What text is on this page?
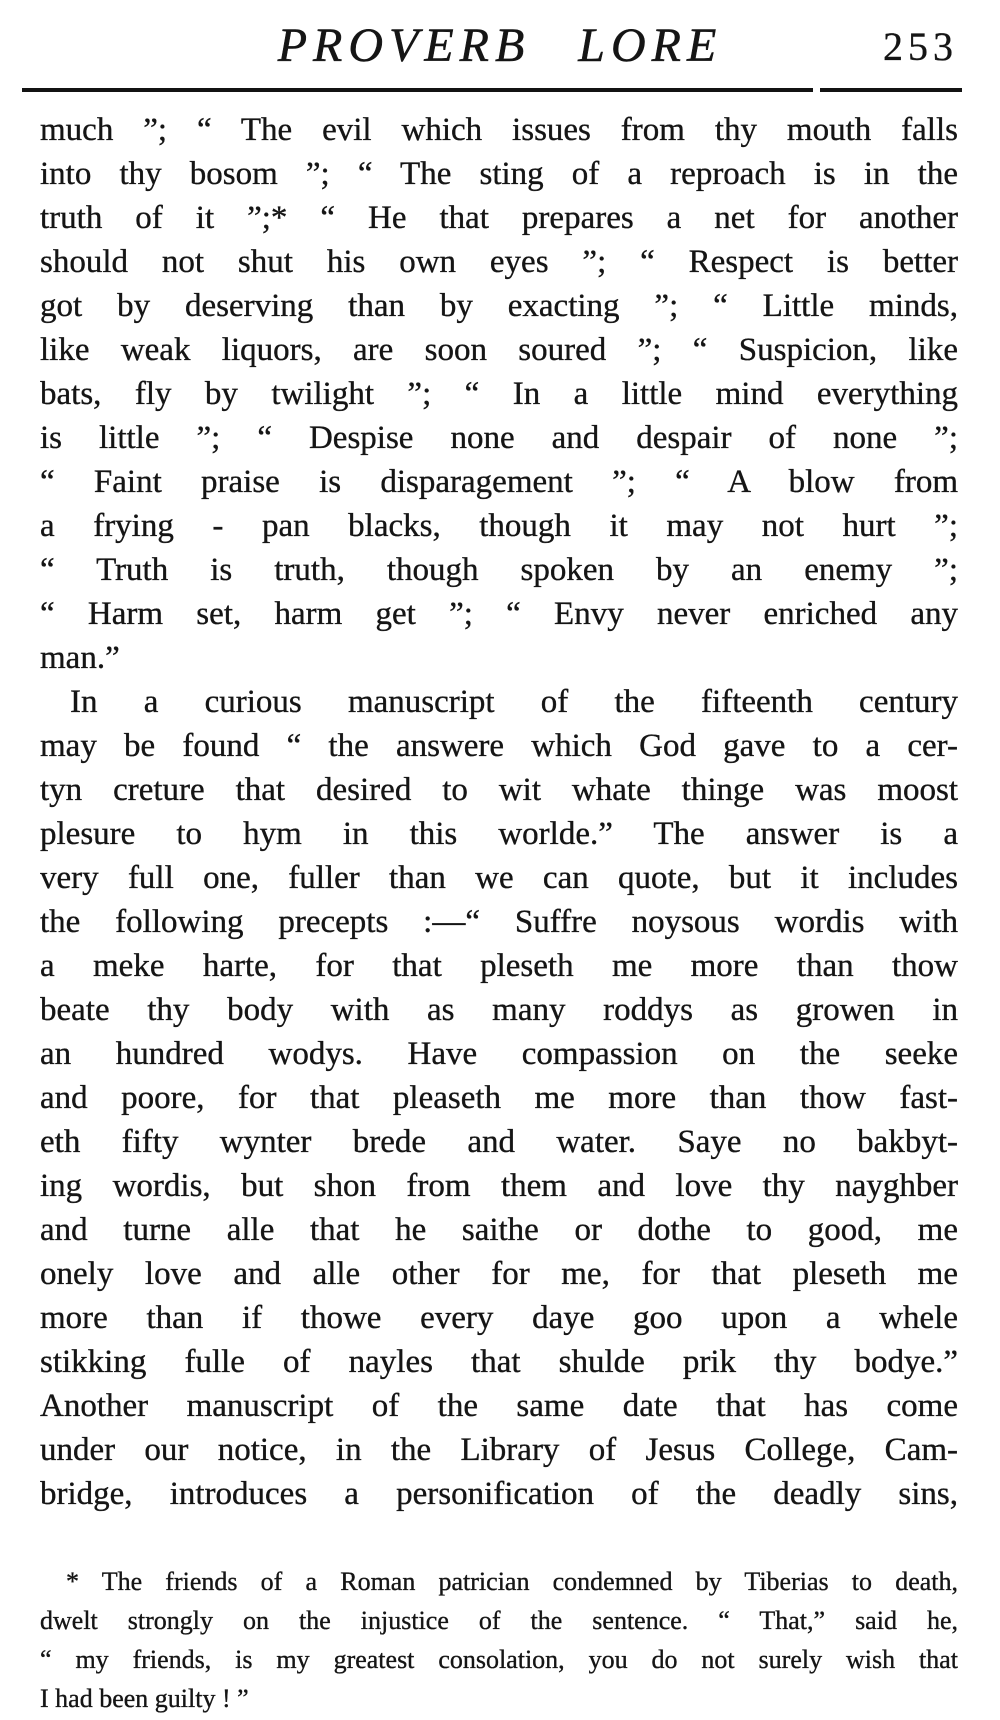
PROVERB LORE	253
much ”; “ The evil which issues from thy mouth falls
into thy bosom ”; “ The sting of a reproach is in the
truth of it ”;* “ He that prepares a net for another
should not shut his own eyes ”; “ Respect is better
got by deserving than by exacting ”; “ Little minds,
like weak liquors, are soon soured ”; “ Suspicion, like
bats, fly by twilight ”; “ In a little mind everything
is little ”; “ Despise none and despair of none ”;
“ Faint praise is disparagement ”; “ A blow from
a frying - pan blacks, though it may not hurt ”;
“ Truth is truth, though spoken by an enemy ”;
“ Harm set, harm get ”; “ Envy never enriched any
man.”
In a curious manuscript of the fifteenth century
may be found “ the answere which God gave to a cer-
tyn creture that desired to wit whate thinge was moost
plesure to hym in this worlde.” The answer is a
very full one, fuller than we can quote, but it includes
the following precepts :—“ Suffre noysous wordis with
a meke harte, for that pleseth me more than thow
beate thy body with as many roddys as growen in
an hundred wodys. Have compassion on the seeke
and poore, for that pleaseth me more than thow fast-
eth fifty wynter brede and water. Saye no bakbyt-
ing wordis, but shon from them and love thy nayghber
and turne alle that he saithe or dothe to good, me
onely love and alle other for me, for that pleseth me
more than if thowe every daye goo upon a whele
stikking fulle of nayles that shulde prik thy bodye.”
Another manuscript of the same date that has come
under our notice, in the Library of Jesus College, Cam-
bridge, introduces a personification of the deadly sins,
* The friends of a Roman patrician condemned by Tiberias to death,
dwelt strongly on the injustice of the sentence. “ That,” said he,
“ my friends, is my greatest consolation, you do not surely wish that
I had been guilty ! ”
